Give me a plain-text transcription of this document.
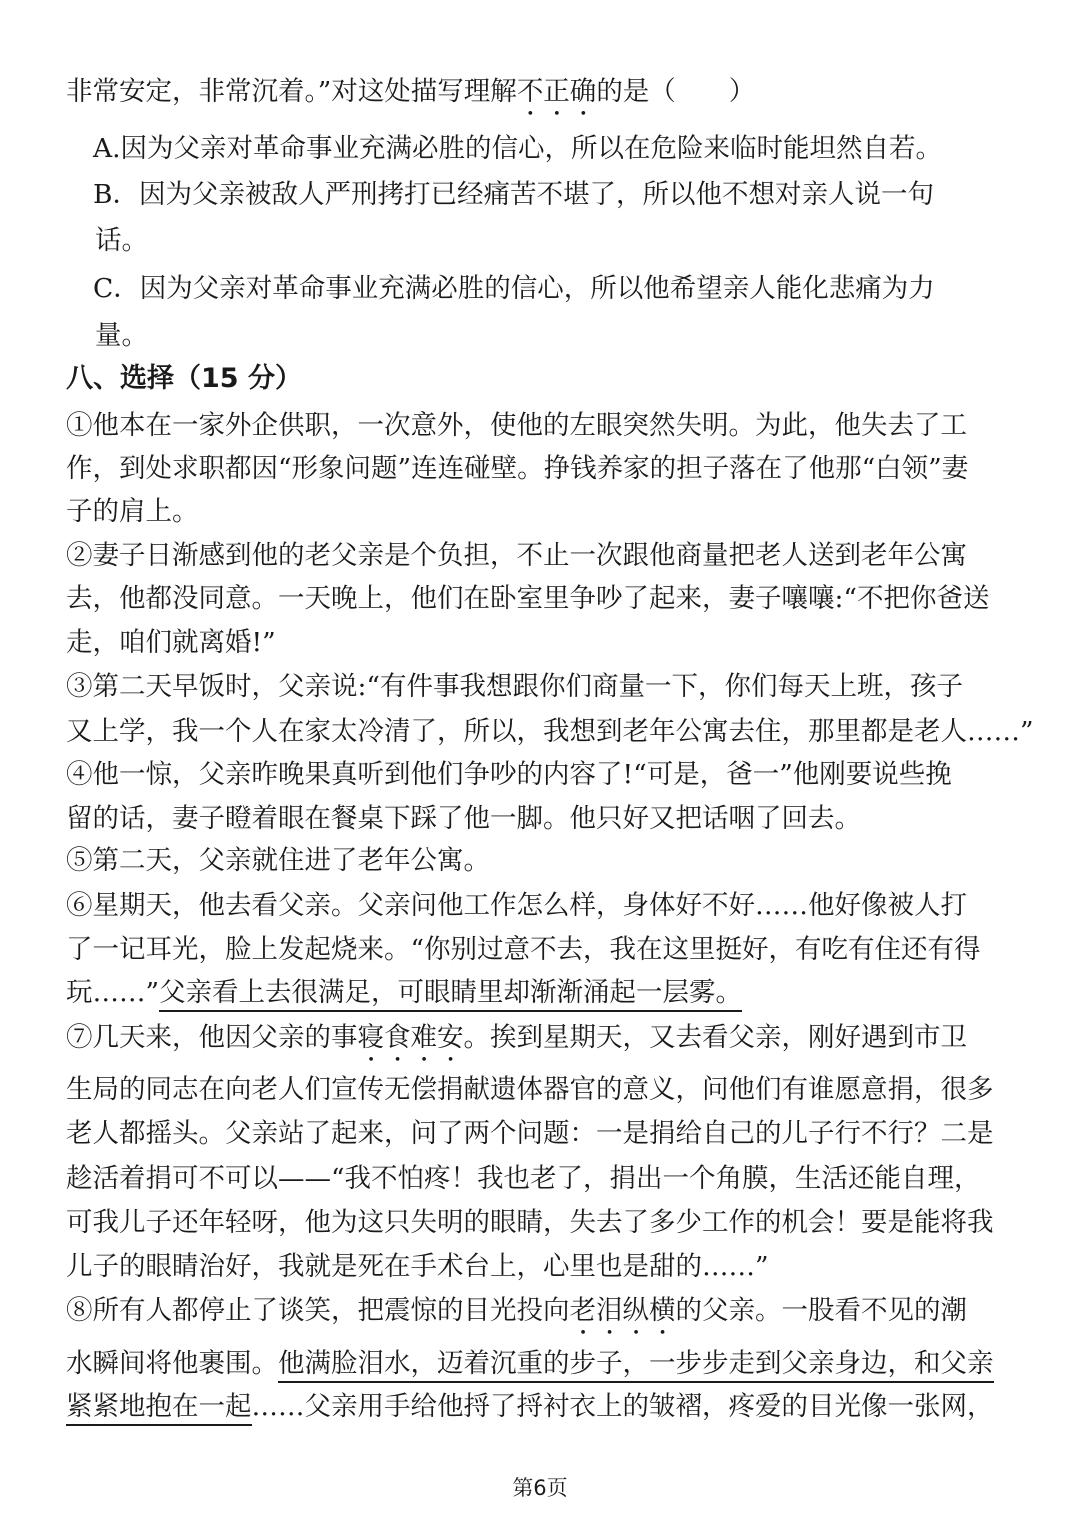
非常安定，非常沉着。”对这处描写理解不正确的是（　　）
A.因为父亲对革命事业充满必胜的信心，所以在危险来临时能坦然自若。
B．因为父亲被敌人严刑拷打已经痛苦不堪了，所以他不想对亲人说一句
话。
C．因为父亲对革命事业充满必胜的信心，所以他希望亲人能化悲痛为力
量。
八、选择（15 分）
①他本在一家外企供职，一次意外，使他的左眼突然失明。为此，他失去了工
作，到处求职都因“形象问题”连连碰壁。挣钱养家的担子落在了他那“白领”妻
子的肩上。
②妻子日渐感到他的老父亲是个负担，不止一次跟他商量把老人送到老年公寓
去，他都没同意。一天晚上，他们在卧室里争吵了起来，妻子嚷嚷:“不把你爸送
走，咱们就离婚!”
③第二天早饭时，父亲说:“有件事我想跟你们商量一下，你们每天上班，孩子
又上学，我一个人在家太冷清了，所以，我想到老年公寓去住，那里都是老人……”
④他一惊，父亲昨晚果真听到他们争吵的内容了!“可是，爸一”他刚要说些挽
留的话，妻子瞪着眼在餐桌下踩了他一脚。他只好又把话咽了回去。
⑤第二天，父亲就住进了老年公寓。
⑥星期天，他去看父亲。父亲问他工作怎么样，身体好不好……他好像被人打
了一记耳光，脸上发起烧来。“你别过意不去，我在这里挺好，有吃有住还有得
玩……”父亲看上去很满足，可眼睛里却渐渐涌起一层雾。
⑦几天来，他因父亲的事寝食难安。挨到星期天，又去看父亲，刚好遇到市卫
生局的同志在向老人们宣传无偿捐献遗体器官的意义，问他们有谁愿意捐，很多
老人都摇头。父亲站了起来，问了两个问题：一是捐给自己的儿子行不行？二是
趁活着捐可不可以——“我不怕疼！我也老了，捐出一个角膜，生活还能自理，
可我儿子还年轻呀，他为这只失明的眼睛，失去了多少工作的机会！要是能将我
儿子的眼睛治好，我就是死在手术台上，心里也是甜的……”
⑧所有人都停止了谈笑，把震惊的目光投向老泪纵横的父亲。一股看不见的潮
水瞬间将他裹围。他满脸泪水，迈着沉重的步子，一步步走到父亲身边，和父亲
紧紧地抱在一起……父亲用手给他捋了捋衬衣上的皱褶，疼爱的目光像一张网，
第6页
